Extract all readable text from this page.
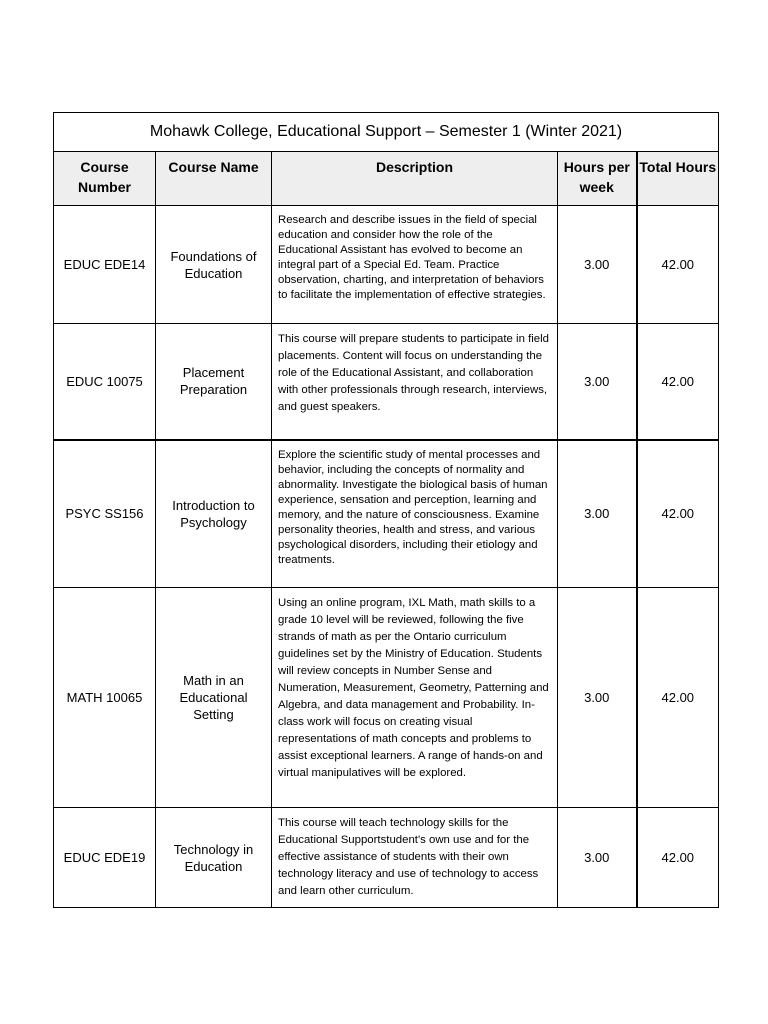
Mohawk College, Educational Support – Semester 1 (Winter 2021)				
Course Number	Course Name	Description	Hours per week	Total Hours
EDUC EDE14	Foundations of Education	Research and describe issues in the field of special education and consider how the role of the Educational Assistant has evolved to become an integral part of a Special Ed. Team. Practice observation, charting, and interpretation of behaviors to facilitate the implementation of effective strategies.	3.00	42.00
EDUC 10075	Placement Preparation	This course will prepare students to participate in field placements. Content will focus on understanding the role of the Educational Assistant, and collaboration with other professionals through research, interviews, and guest speakers.	3.00	42.00
PSYC SS156	Introduction to Psychology	Explore the scientific study of mental processes and behavior, including the concepts of normality and abnormality. Investigate the biological basis of human experience, sensation and perception, learning and memory, and the nature of consciousness. Examine personality theories, health and stress, and various psychological disorders, including their etiology and treatments.	3.00	42.00
MATH 10065	Math in an Educational Setting	Using an online program, IXL Math, math skills to a grade 10 level will be reviewed, following the five strands of math as per the Ontario curriculum guidelines set by the Ministry of Education. Students will review concepts in Number Sense and Numeration, Measurement, Geometry, Patterning and Algebra, and data management and Probability. In-class work will focus on creating visual representations of math concepts and problems to assist exceptional learners. A range of hands-on and virtual manipulatives will be explored.	3.00	42.00
EDUC EDE19	Technology in Education	This course will teach technology skills for the Educational Supportstudent's own use and for the effective assistance of students with their own technology literacy and use of technology to access and learn other curriculum.	3.00	42.00
